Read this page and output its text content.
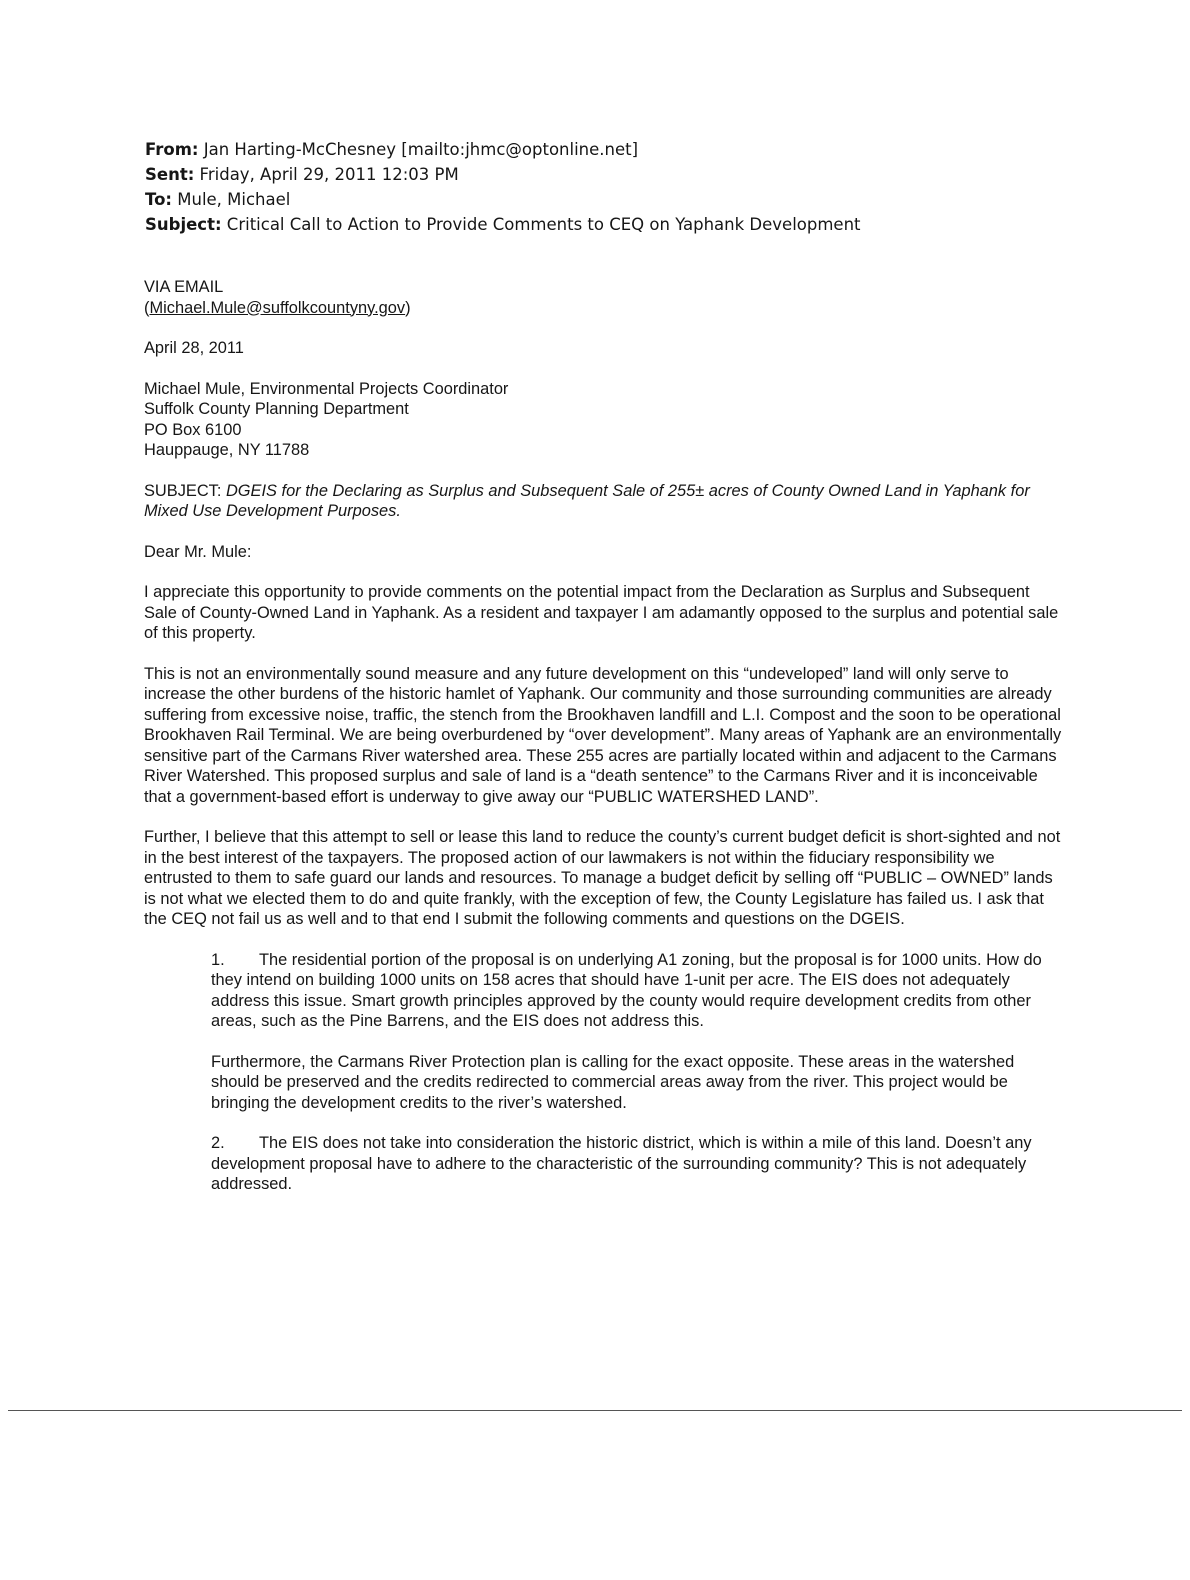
From: Jan Harting-McChesney [mailto:jhmc@optonline.net]
Sent: Friday, April 29, 2011 12:03 PM
To: Mule, Michael
Subject: Critical Call to Action to Provide Comments to CEQ on Yaphank Development
VIA EMAIL
(Michael.Mule@suffolkcountyny.gov)
April 28, 2011
Michael Mule, Environmental Projects Coordinator
Suffolk County Planning Department
PO Box 6100
Hauppauge, NY 11788
SUBJECT: DGEIS for the Declaring as Surplus and Subsequent Sale of 255± acres of County Owned Land in Yaphank for Mixed Use Development Purposes.
Dear Mr. Mule:

I appreciate this opportunity to provide comments on the potential impact from the Declaration as Surplus and Subsequent Sale of County-Owned Land in Yaphank. As a resident and taxpayer I am adamantly opposed to the surplus and potential sale of this property.

This is not an environmentally sound measure and any future development on this “undeveloped” land will only serve to increase the other burdens of the historic hamlet of Yaphank. Our community and those surrounding communities are already suffering from excessive noise, traffic, the stench from the Brookhaven landfill and L.I. Compost and the soon to be operational Brookhaven Rail Terminal. We are being overburdened by “over development”. Many areas of Yaphank are an environmentally sensitive part of the Carmans River watershed area. These 255 acres are partially located within and adjacent to the Carmans River Watershed. This proposed surplus and sale of land is a “death sentence” to the Carmans River and it is inconceivable that a government-based effort is underway to give away our “PUBLIC WATERSHED LAND”.

Further, I believe that this attempt to sell or lease this land to reduce the county’s current budget deficit is short-sighted and not in the best interest of the taxpayers. The proposed action of our lawmakers is not within the fiduciary responsibility we entrusted to them to safe guard our lands and resources. To manage a budget deficit by selling off “PUBLIC – OWNED” lands is not what we elected them to do and quite frankly, with the exception of few, the County Legislature has failed us. I ask that the CEQ not fail us as well and to that end I submit the following comments and questions on the DGEIS.

1. The residential portion of the proposal is on underlying A1 zoning, but the proposal is for 1000 units. How do they intend on building 1000 units on 158 acres that should have 1-unit per acre. The EIS does not adequately address this issue. Smart growth principles approved by the county would require development credits from other areas, such as the Pine Barrens, and the EIS does not address this.
Furthermore, the Carmans River Protection plan is calling for the exact opposite. These areas in the watershed should be preserved and the credits redirected to commercial areas away from the river. This project would be bringing the development credits to the river’s watershed.
2. The EIS does not take into consideration the historic district, which is within a mile of this land. Doesn’t any development proposal have to adhere to the characteristic of the surrounding community? This is not adequately addressed.
